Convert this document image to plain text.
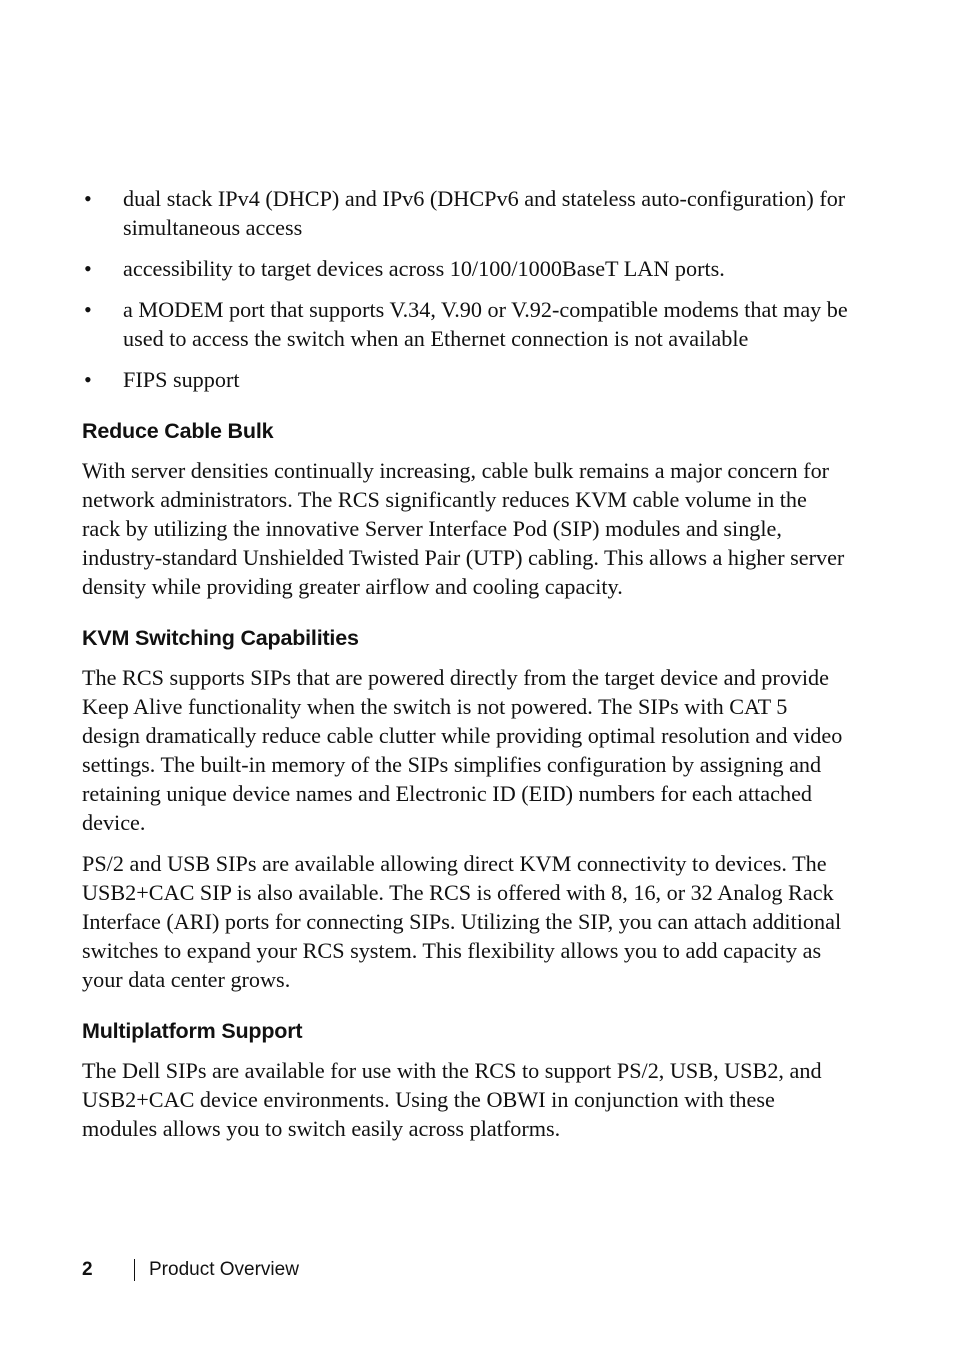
• dual stack IPv4 (DHCP) and IPv6 (DHCPv6 and stateless auto-configuration) for simultaneous access
• accessibility to target devices across 10/100/1000BaseT LAN ports.
• a MODEM port that supports V.34, V.90 or V.92-compatible modems that may be used to access the switch when an Ethernet connection is not available
• FIPS support
Reduce Cable Bulk

With server densities continually increasing, cable bulk remains a major concern for network administrators. The RCS significantly reduces KVM cable volume in the rack by utilizing the innovative Server Interface Pod (SIP) modules and single, industry-standard Unshielded Twisted Pair (UTP) cabling. This allows a higher server density while providing greater airflow and cooling capacity.

KVM Switching Capabilities

The RCS supports SIPs that are powered directly from the target device and provide Keep Alive functionality when the switch is not powered. The SIPs with CAT 5 design dramatically reduce cable clutter while providing optimal resolution and video settings. The built-in memory of the SIPs simplifies configuration by assigning and retaining unique device names and Electronic ID (EID) numbers for each attached device.

PS/2 and USB SIPs are available allowing direct KVM connectivity to devices. The USB2+CAC SIP is also available. The RCS is offered with 8, 16, or 32 Analog Rack Interface (ARI) ports for connecting SIPs. Utilizing the SIP, you can attach additional switches to expand your RCS system. This flexibility allows you to add capacity as your data center grows.

Multiplatform Support

The Dell SIPs are available for use with the RCS to support PS/2, USB, USB2, and USB2+CAC device environments. Using the OBWI in conjunction with these modules allows you to switch easily across platforms.

2	Product Overview
